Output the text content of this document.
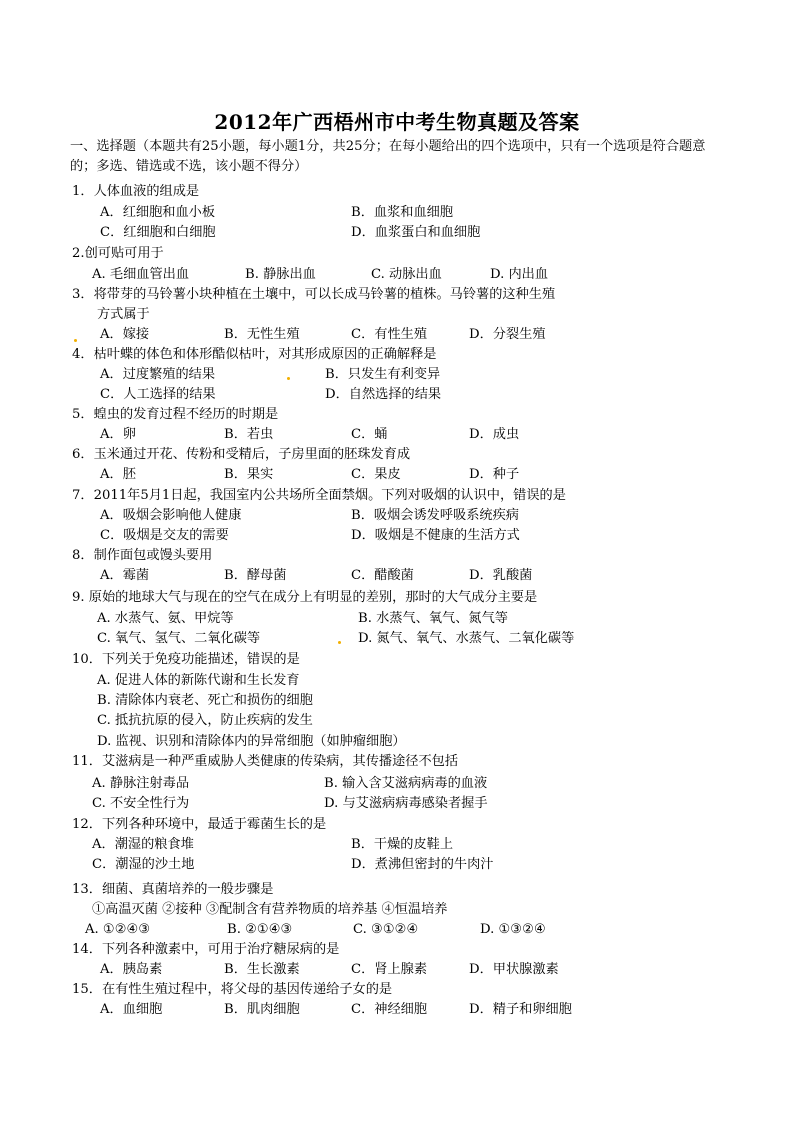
2012年广西梧州市中考生物真题及答案
一、选择题（本题共有25小题，每小题1分，共25分；在每小题给出的四个选项中，只有一个选项是符合题意的；多选、错选或不选，该小题不得分）
1．人体血液的组成是
A．红细胞和血小板	B．血浆和血细胞
C．红细胞和白细胞	D．血浆蛋白和血细胞
2.创可贴可用于
A. 毛细血管出血	B. 静脉出血	C. 动脉出血	D. 内出血
3．将带芽的马铃薯小块种植在土壤中，可以长成马铃薯的植株。马铃薯的这种生殖
方式属于
A．嫁接	B．无性生殖	C．有性生殖	D．分裂生殖
4．枯叶蝶的体色和体形酷似枯叶，对其形成原因的正确解释是
A．过度繁殖的结果	B．只发生有利变异
C．人工选择的结果	D．自然选择的结果
5．蝗虫的发育过程不经历的时期是
A．卵	B．若虫	C．蛹	D．成虫
6．玉米通过开花、传粉和受精后，子房里面的胚珠发育成
A．胚	B．果实	C．果皮	D．种子
7．2011年5月1日起，我国室内公共场所全面禁烟。下列对吸烟的认识中，错误的是
A．吸烟会影响他人健康	B．吸烟会诱发呼吸系统疾病
C．吸烟是交友的需要	D．吸烟是不健康的生活方式
8．制作面包或馒头要用
A．霉菌	B．酵母菌	C．醋酸菌	D．乳酸菌
9. 原始的地球大气与现在的空气在成分上有明显的差别，那时的大气成分主要是
A. 水蒸气、氨、甲烷等	B. 水蒸气、氧气、氮气等
C. 氧气、氢气、二氧化碳等	D. 氮气、氧气、水蒸气、二氧化碳等
10．下列关于免疫功能描述，错误的是
A. 促进人体的新陈代谢和生长发育
B. 清除体内衰老、死亡和损伤的细胞
C. 抵抗抗原的侵入，防止疾病的发生
D. 监视、识别和清除体内的异常细胞（如肿瘤细胞）
11．艾滋病是一种严重威胁人类健康的传染病，其传播途径不包括
A. 静脉注射毒品	B. 输入含艾滋病病毒的血液
C. 不安全性行为	D. 与艾滋病病毒感染者握手
12．下列各种环境中，最适于霉菌生长的是
A．潮湿的粮食堆	B．干燥的皮鞋上
C．潮湿的沙土地	D．煮沸但密封的牛肉汁
13．细菌、真菌培养的一般步骤是
①高温灭菌 ②接种 ③配制含有营养物质的培养基 ④恒温培养
A. ①②④③	B. ②①④③	C. ③①②④	D. ①③②④
14．下列各种激素中，可用于治疗糖尿病的是
A．胰岛素	B．生长激素	C．肾上腺素	D．甲状腺激素
15．在有性生殖过程中，将父母的基因传递给子女的是
A．血细胞	B．肌肉细胞	C．神经细胞	D．精子和卵细胞
